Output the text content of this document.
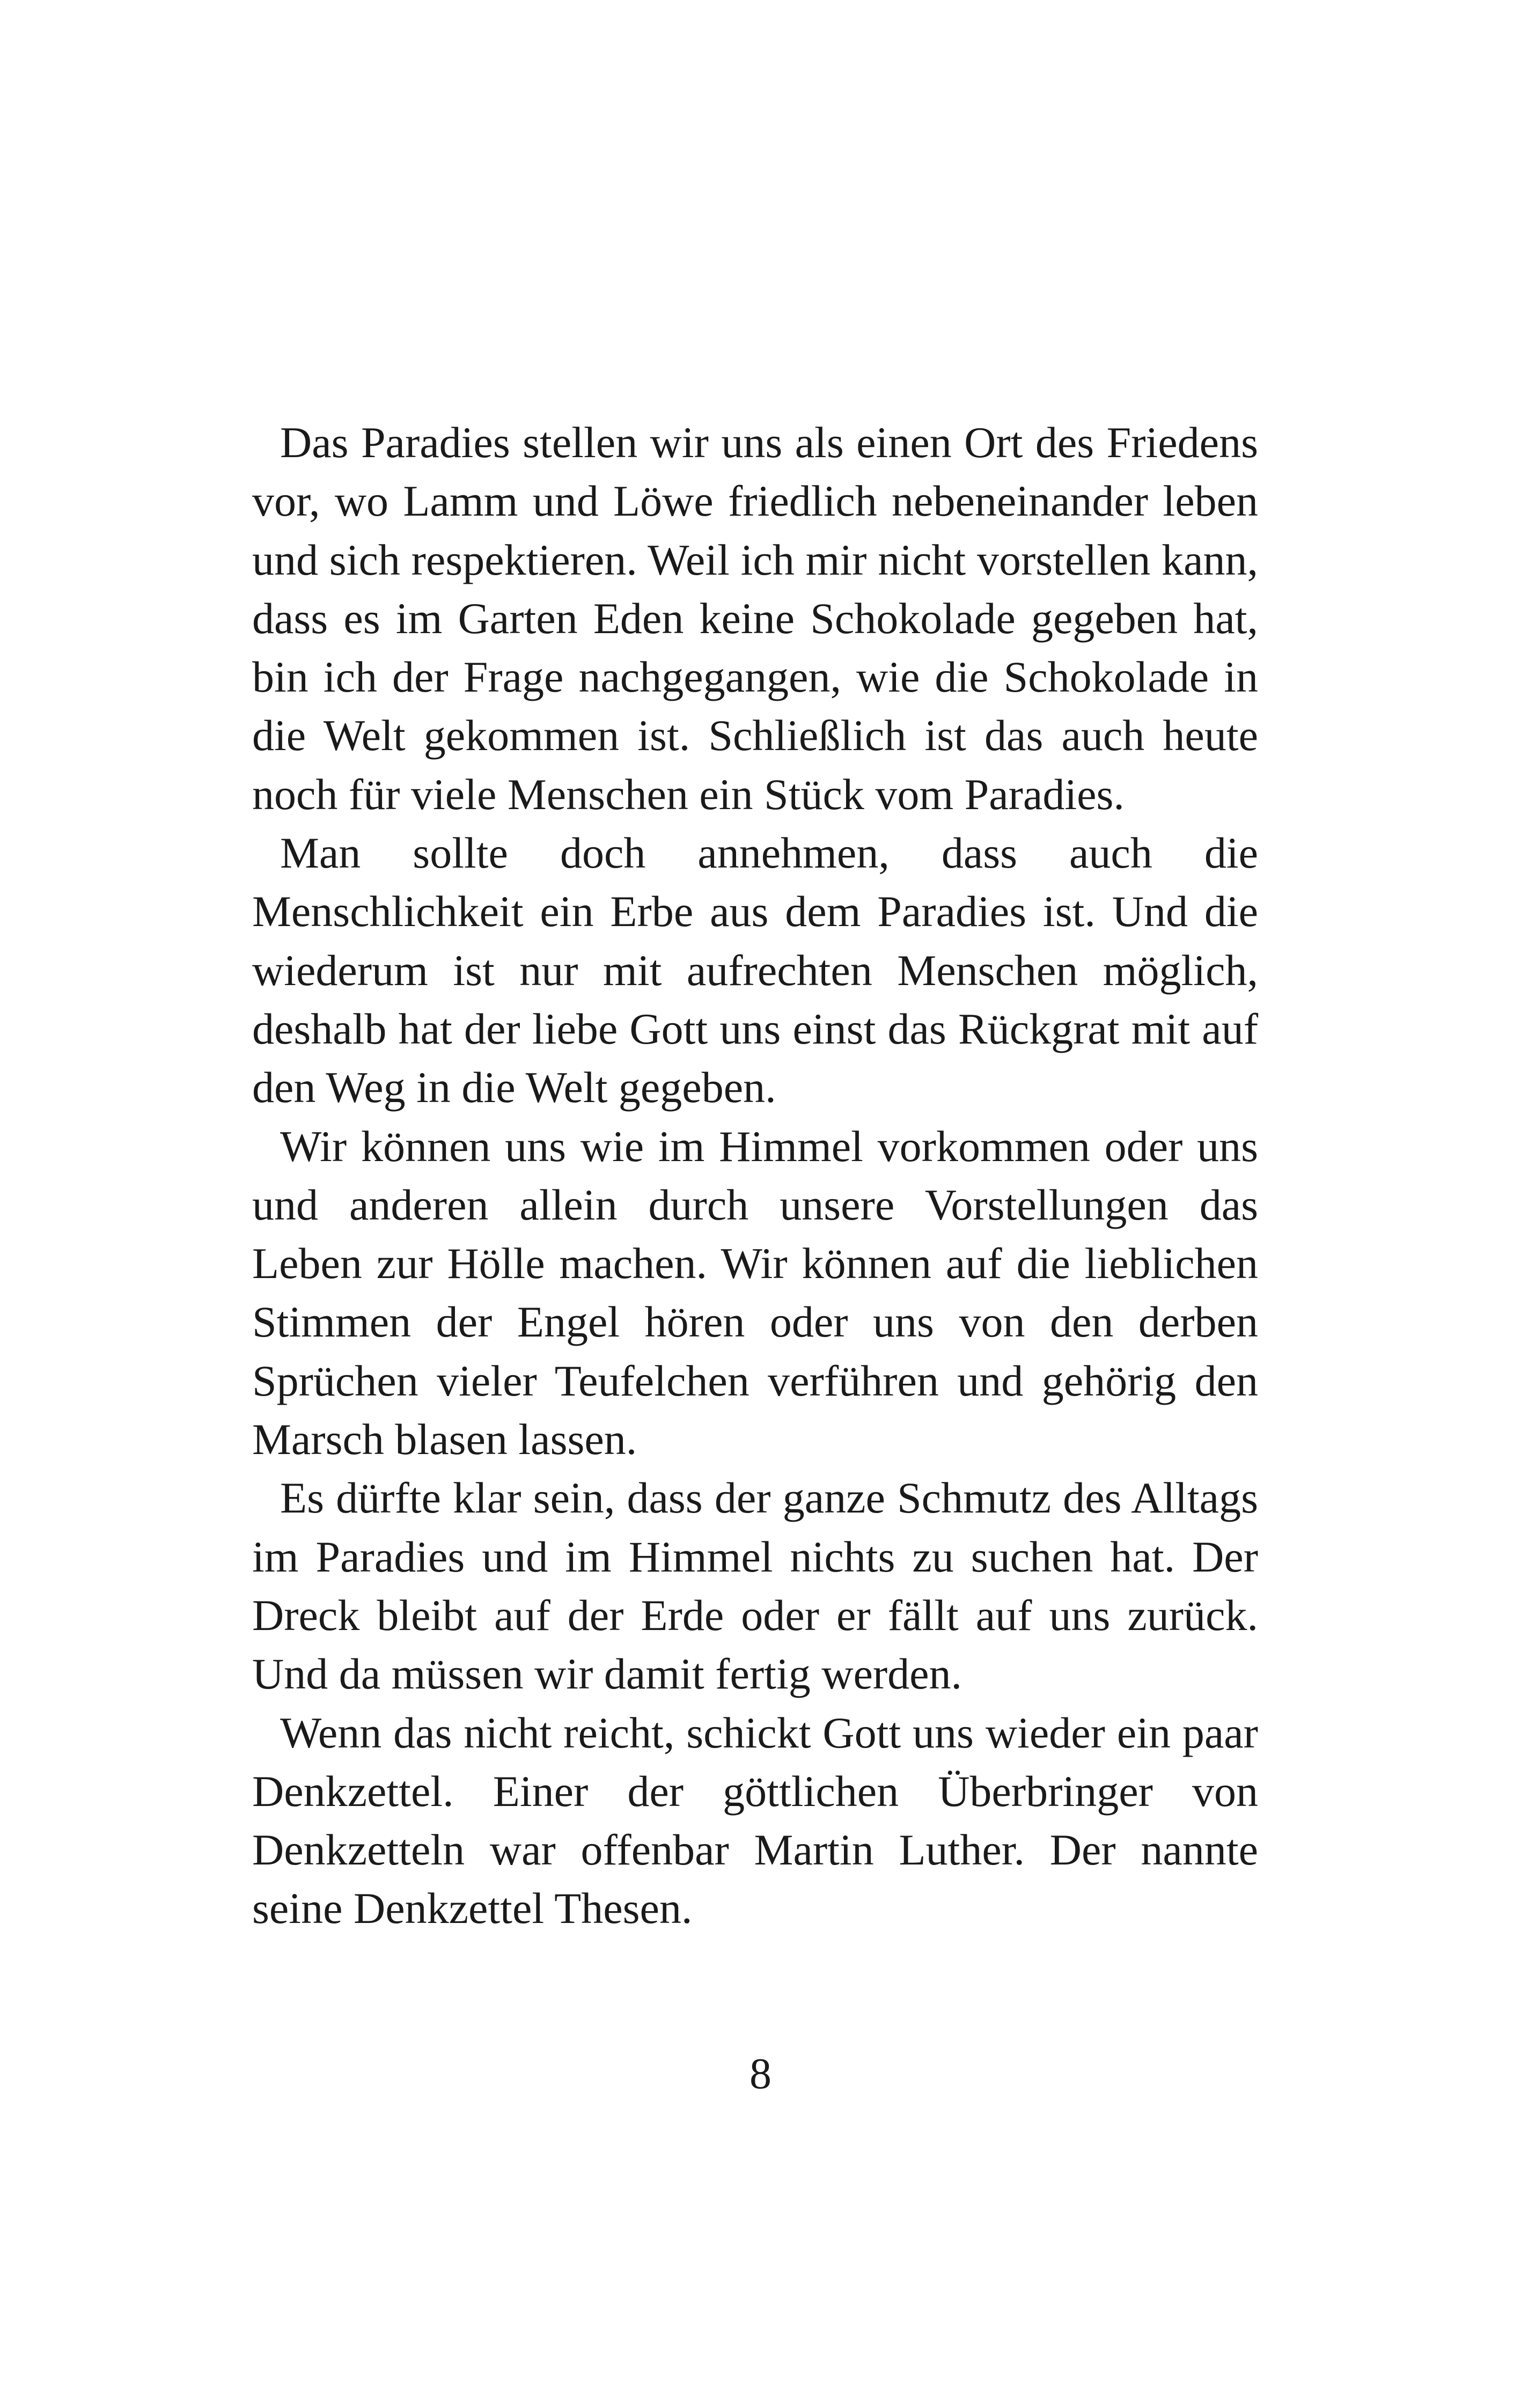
Das Paradies stellen wir uns als einen Ort des Friedens vor, wo Lamm und Löwe friedlich nebeneinander leben und sich respektieren. Weil ich mir nicht vorstellen kann, dass es im Garten Eden keine Schokolade gegeben hat, bin ich der Frage nachgegangen, wie die Schokolade in die Welt gekommen ist. Schließlich ist das auch heute noch für viele Menschen ein Stück vom Paradies.

Man sollte doch annehmen, dass auch die Menschlichkeit ein Erbe aus dem Paradies ist. Und die wiederum ist nur mit aufrechten Menschen möglich, deshalb hat der liebe Gott uns einst das Rückgrat mit auf den Weg in die Welt gegeben.

Wir können uns wie im Himmel vorkommen oder uns und anderen allein durch unsere Vorstellungen das Leben zur Hölle machen. Wir können auf die lieblichen Stimmen der Engel hören oder uns von den derben Sprüchen vieler Teufelchen verführen und gehörig den Marsch blasen lassen.

Es dürfte klar sein, dass der ganze Schmutz des Alltags im Paradies und im Himmel nichts zu suchen hat. Der Dreck bleibt auf der Erde oder er fällt auf uns zurück. Und da müssen wir damit fertig werden.

Wenn das nicht reicht, schickt Gott uns wieder ein paar Denkzettel. Einer der göttlichen Überbringer von Denkzetteln war offenbar Martin Luther. Der nannte seine Denkzettel Thesen.

8
